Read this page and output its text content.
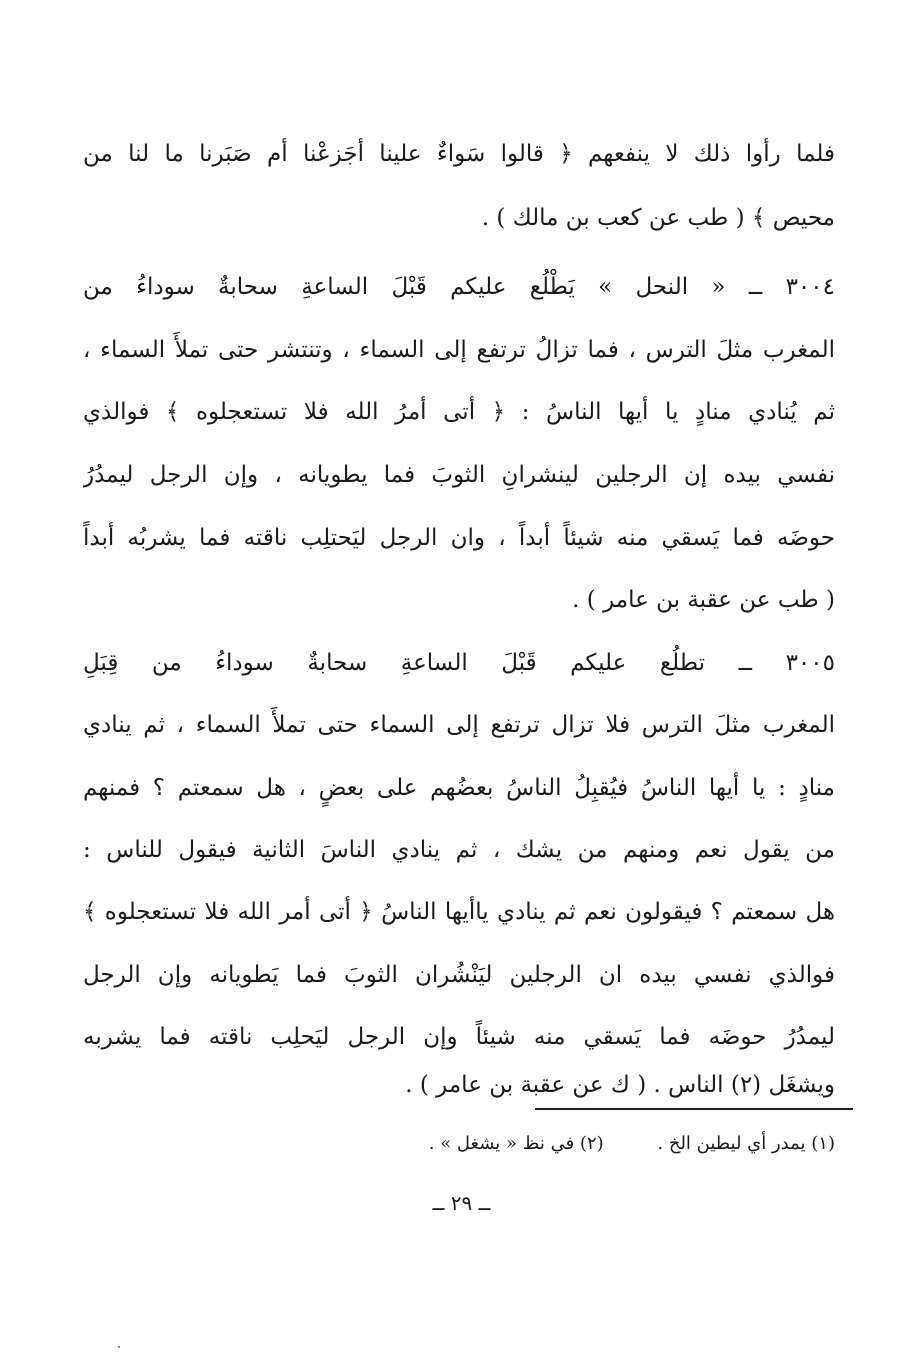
فلما رأوا ذلك لا ينفعهم ﴿ قالوا سَواءٌ علينا أجَزعْنا أم صَبَرنا ما لنا من
محيص ﴾ ( طب عن كعب بن مالك ) .
٣٠٠٤ ــ « النحل » يَطْلُع عليكم قَبْلَ الساعةِ سحابةٌ سوداءُ من
المغرب مثلَ الترس ، فما تزالُ ترتفع إلى السماء ، وتنتشر حتى تملأَ السماء ،
ثم يُنادي منادٍ يا أيها الناسُ : ﴿ أتى أمرُ الله فلا تستعجلوه ﴾ فوالذي
نفسي بيده إن الرجلين لينشرانِ الثوبَ فما يطويانه ، وإن الرجل ليمدُرُ
حوضَه فما يَسقي منه شيئاً أبداً ، وان الرجل ليَحتلِب ناقته فما يشربُه أبداً
( طب عن عقبة بن عامر ) .
٣٠٠٥ ــ تطلُع عليكم قَبْلَ الساعةِ سحابةٌ سوداءُ من قِبَلِ
المغرب مثلَ الترس فلا تزال ترتفع إلى السماء حتى تملأَ السماء ، ثم ينادي
منادٍ : يا أيها الناسُ فيُقبِلُ الناسُ بعضُهم على بعضٍ ، هل سمعتم ؟ فمنهم
من يقول نعم ومنهم من يشك ، ثم ينادي الناسَ الثانية فيقول للناس :
هل سمعتم ؟ فيقولون نعم ثم ينادي ياأيها الناسُ ﴿ أتى أمر الله فلا تستعجلوه ﴾
فوالذي نفسي بيده ان الرجلين ليَنْشُران الثوبَ فما يَطويانه وإن الرجل
ليمدُرُ حوضَه فما يَسقي منه شيئاً وإن الرجل ليَحلِب ناقته فما يشربه
ويشغَل (٢) الناس . ( ك عن عقبة بن عامر ) .
(١) يمدر أي ليطين الخ . (٢) في نظ « يشغل » .
ــ ٢٩ ــ
